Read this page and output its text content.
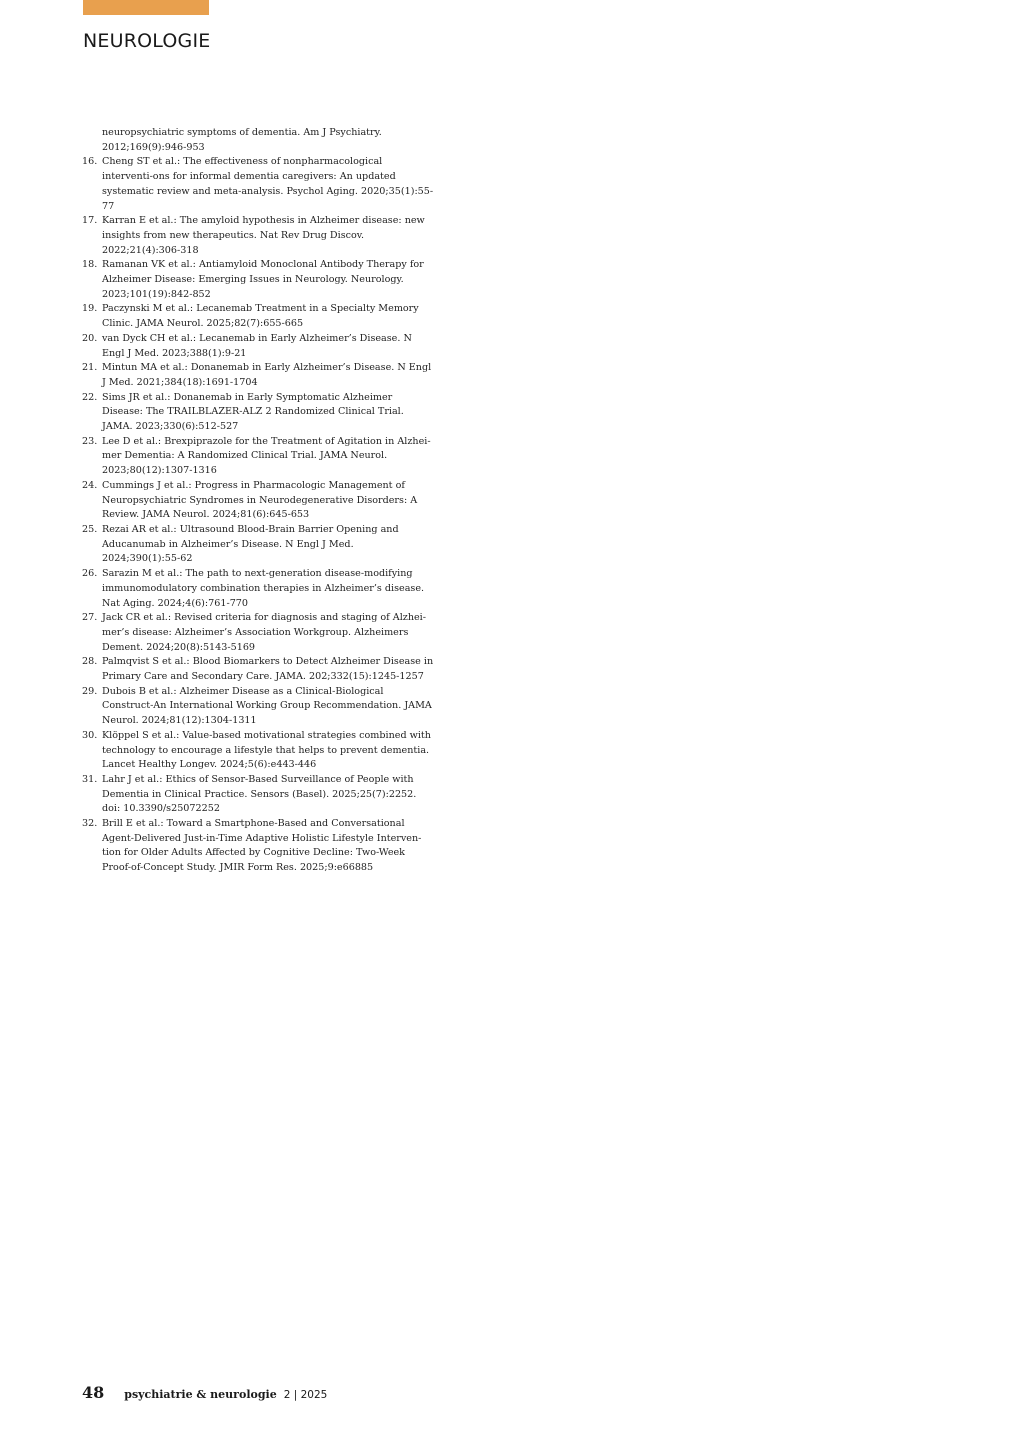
NEUROLOGIE
neuropsychiatric symptoms of dementia. Am J Psychiatry. 2012;169(9):946-953
16. Cheng ST et al.: The effectiveness of nonpharmacological interventi-ons for informal dementia caregivers: An updated systematic review and meta-analysis. Psychol Aging. 2020;35(1):55-77
17. Karran E et al.: The amyloid hypothesis in Alzheimer disease: new insights from new therapeutics. Nat Rev Drug Discov. 2022;21(4):306-318
18. Ramanan VK et al.: Antiamyloid Monoclonal Antibody Therapy for Alzheimer Disease: Emerging Issues in Neurology. Neurology. 2023;101(19):842-852
19. Paczynski M et al.: Lecanemab Treatment in a Specialty Memory Clinic. JAMA Neurol. 2025;82(7):655-665
20. van Dyck CH et al.: Lecanemab in Early Alzheimer’s Disease. N Engl J Med. 2023;388(1):9-21
21. Mintun MA et al.: Donanemab in Early Alzheimer’s Disease. N Engl J Med. 2021;384(18):1691-1704
22. Sims JR et al.: Donanemab in Early Symptomatic Alzheimer Disease: The TRAILBLAZER-ALZ 2 Randomized Clinical Trial. JAMA. 2023;330(6):512-527
23. Lee D et al.: Brexpiprazole for the Treatment of Agitation in Alzhei-mer Dementia: A Randomized Clinical Trial. JAMA Neurol. 2023;80(12):1307-1316
24. Cummings J et al.: Progress in Pharmacologic Management of Neuropsychiatric Syndromes in Neurodegenerative Disorders: A Review. JAMA Neurol. 2024;81(6):645-653
25. Rezai AR et al.: Ultrasound Blood-Brain Barrier Opening and Aducanumab in Alzheimer’s Disease. N Engl J Med. 2024;390(1):55-62
26. Sarazin M et al.: The path to next-generation disease-modifying immunomodulatory combination therapies in Alzheimer’s disease. Nat Aging. 2024;4(6):761-770
27. Jack CR et al.: Revised criteria for diagnosis and staging of Alzhei-mer’s disease: Alzheimer’s Association Workgroup. Alzheimers Dement. 2024;20(8):5143-5169
28. Palmqvist S et al.: Blood Biomarkers to Detect Alzheimer Disease in Primary Care and Secondary Care. JAMA. 202;332(15):1245-1257
29. Dubois B et al.: Alzheimer Disease as a Clinical-Biological Construct-An International Working Group Recommendation. JAMA Neurol. 2024;81(12):1304-1311
30. Klöppel S et al.: Value-based motivational strategies combined with technology to encourage a lifestyle that helps to prevent dementia. Lancet Healthy Longev. 2024;5(6):e443-446
31. Lahr J et al.: Ethics of Sensor-Based Surveillance of People with Dementia in Clinical Practice. Sensors (Basel). 2025;25(7):2252. doi: 10.3390/s25072252
32. Brill E et al.: Toward a Smartphone-Based and Conversational Agent-Delivered Just-in-Time Adaptive Holistic Lifestyle Interven-tion for Older Adults Affected by Cognitive Decline: Two-Week Proof-of-Concept Study. JMIR Form Res. 2025;9:e66885
48 psychiatrie & neurologie 2 | 2025
